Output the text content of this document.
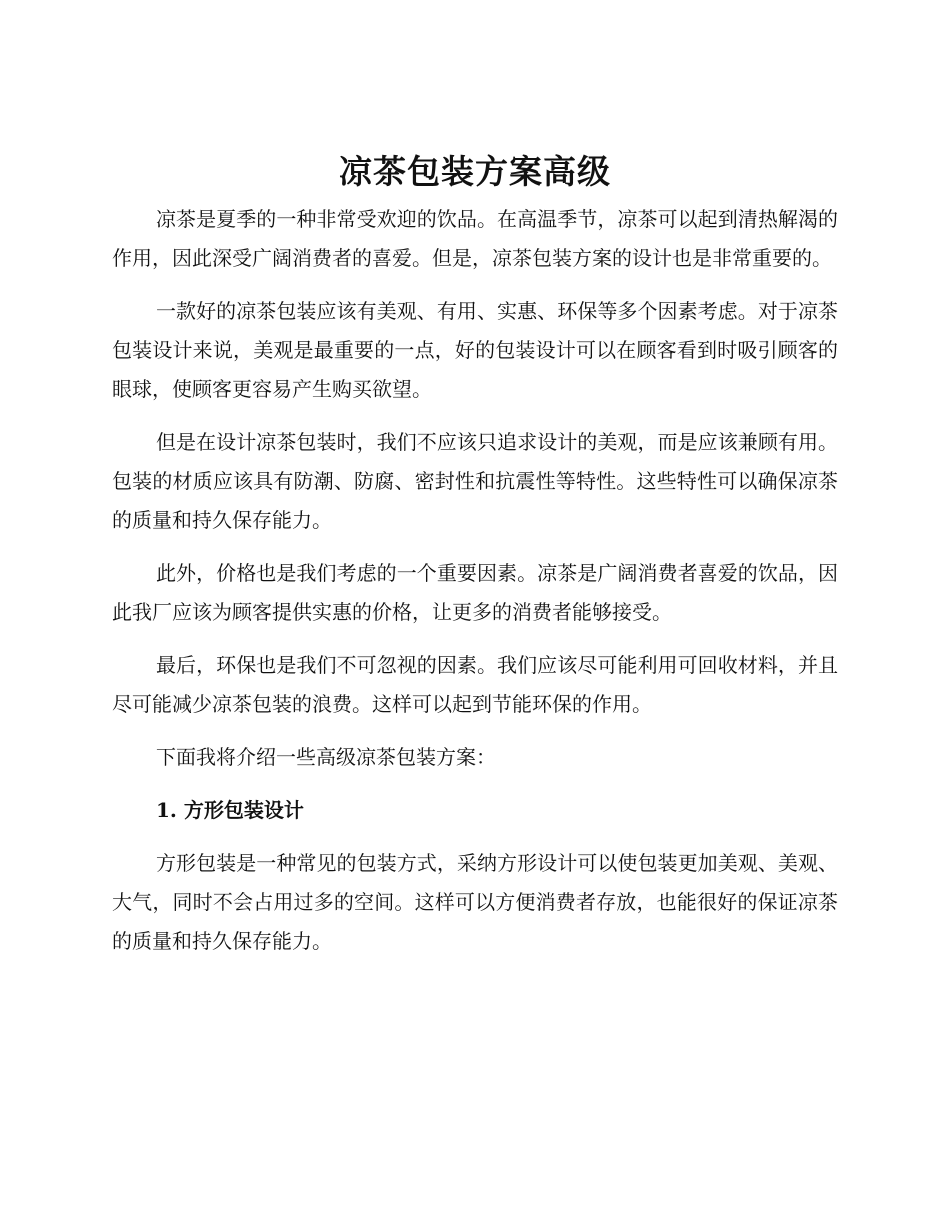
凉茶包装方案高级

凉茶是夏季的一种非常受欢迎的饮品。在高温季节，凉茶可以起到清热解渴的作用，因此深受广阔消费者的喜爱。但是，凉茶包装方案的设计也是非常重要的。

一款好的凉茶包装应该有美观、有用、实惠、环保等多个因素考虑。对于凉茶包装设计来说，美观是最重要的一点，好的包装设计可以在顾客看到时吸引顾客的眼球，使顾客更容易产生购买欲望。

但是在设计凉茶包装时，我们不应该只追求设计的美观，而是应该兼顾有用。包装的材质应该具有防潮、防腐、密封性和抗震性等特性。这些特性可以确保凉茶的质量和持久保存能力。

此外，价格也是我们考虑的一个重要因素。凉茶是广阔消费者喜爱的饮品，因此我厂应该为顾客提供实惠的价格，让更多的消费者能够接受。

最后，环保也是我们不可忽视的因素。我们应该尽可能利用可回收材料，并且尽可能减少凉茶包装的浪费。这样可以起到节能环保的作用。

下面我将介绍一些高级凉茶包装方案：

1. 方形包装设计

方形包装是一种常见的包装方式，采纳方形设计可以使包装更加美观、美观、大气，同时不会占用过多的空间。这样可以方便消费者存放，也能很好的保证凉茶的质量和持久保存能力。
